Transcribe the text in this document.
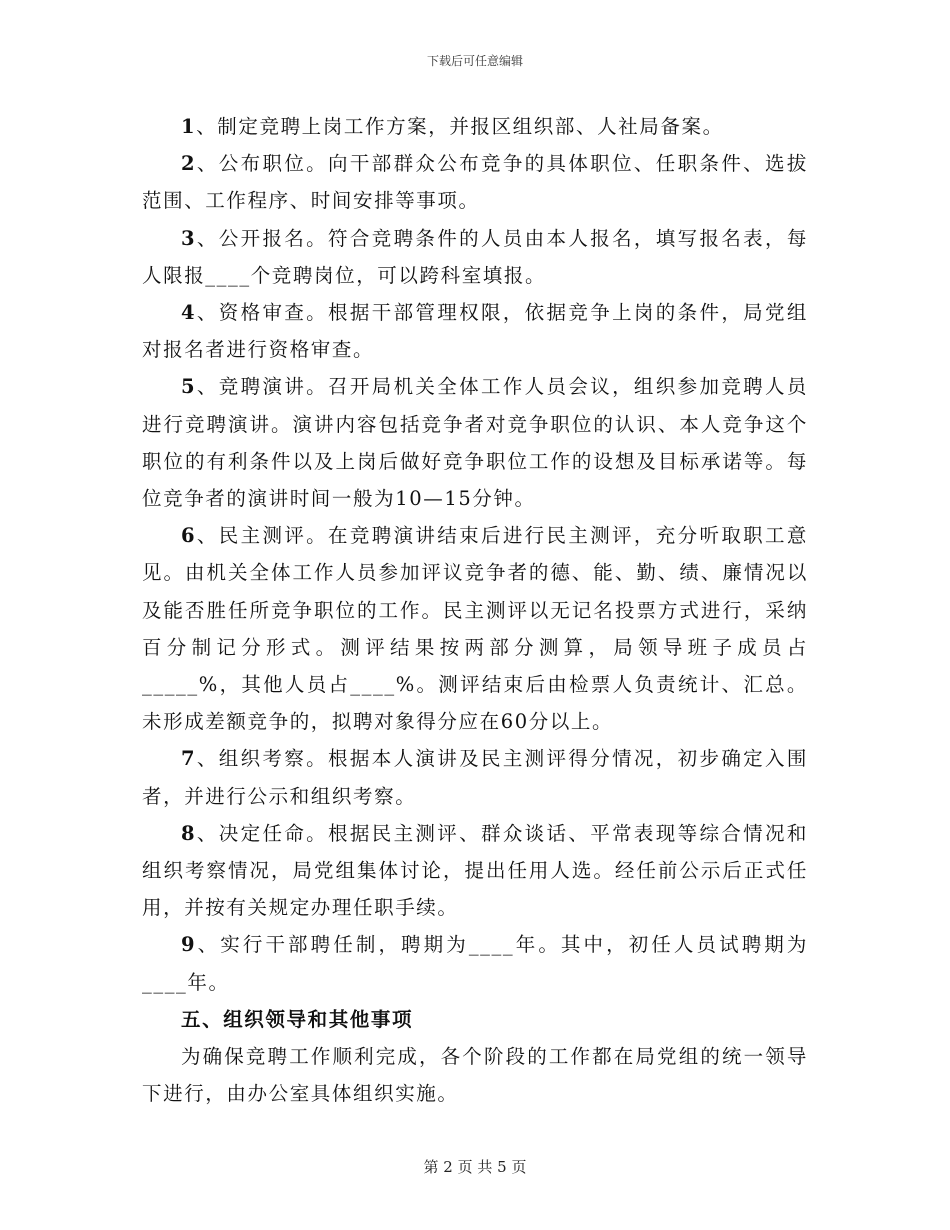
下载后可任意编辑

1、制定竞聘上岗工作方案，并报区组织部、人社局备案。

2、公布职位。向干部群众公布竞争的具体职位、任职条件、选拔范围、工作程序、时间安排等事项。

3、公开报名。符合竞聘条件的人员由本人报名，填写报名表，每人限报____个竞聘岗位，可以跨科室填报。

4、资格审查。根据干部管理权限，依据竞争上岗的条件，局党组对报名者进行资格审查。

5、竞聘演讲。召开局机关全体工作人员会议，组织参加竞聘人员进行竞聘演讲。演讲内容包括竞争者对竞争职位的认识、本人竞争这个职位的有利条件以及上岗后做好竞争职位工作的设想及目标承诺等。每位竞争者的演讲时间一般为10—15分钟。

6、民主测评。在竞聘演讲结束后进行民主测评，充分听取职工意见。由机关全体工作人员参加评议竞争者的德、能、勤、绩、廉情况以及能否胜任所竞争职位的工作。民主测评以无记名投票方式进行，采纳百分制记分形式。测评结果按两部分测算，局领导班子成员占_____%，其他人员占____%。测评结束后由检票人负责统计、汇总。未形成差额竞争的，拟聘对象得分应在60分以上。

7、组织考察。根据本人演讲及民主测评得分情况，初步确定入围者，并进行公示和组织考察。

8、决定任命。根据民主测评、群众谈话、平常表现等综合情况和组织考察情况，局党组集体讨论，提出任用人选。经任前公示后正式任用，并按有关规定办理任职手续。

9、实行干部聘任制，聘期为____年。其中，初任人员试聘期为____年。

五、组织领导和其他事项

为确保竞聘工作顺利完成，各个阶段的工作都在局党组的统一领导下进行，由办公室具体组织实施。

第 2 页 共 5 页
